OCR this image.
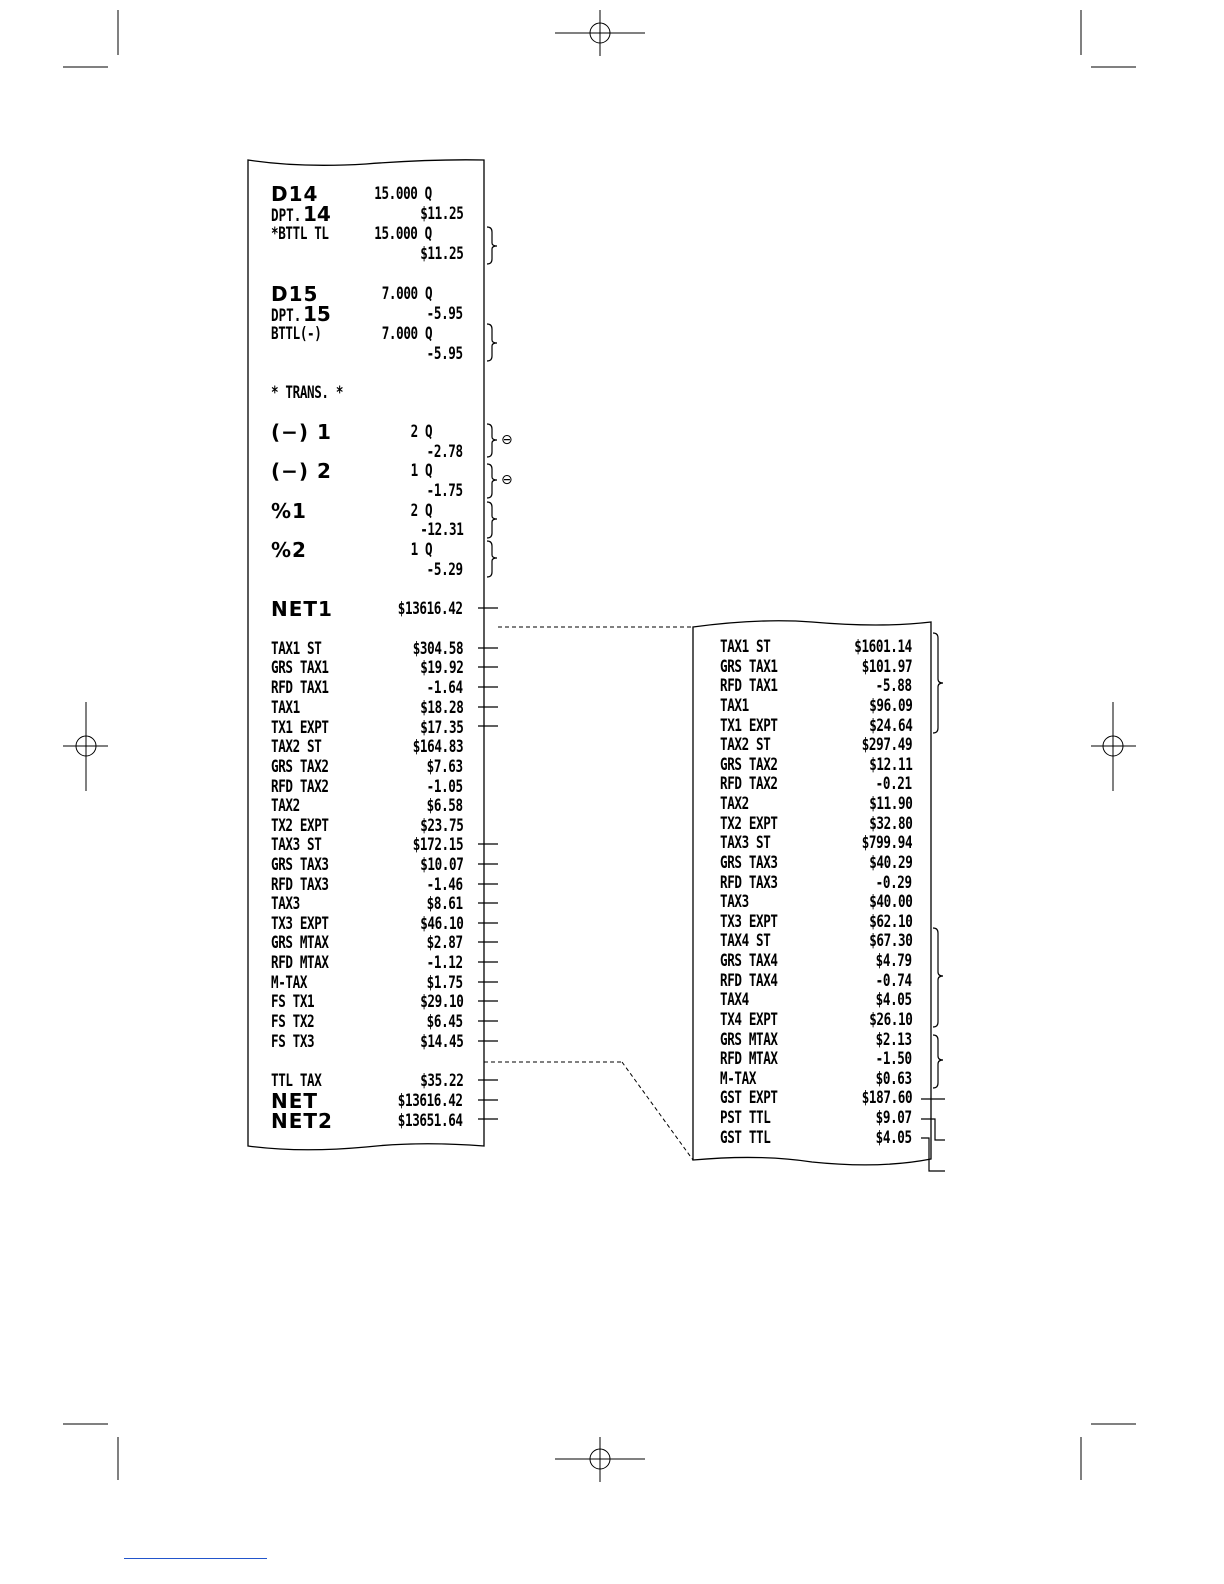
D14	15.000 Q
DPT.14	$11.25
*BTTL TL	15.000 Q
$11.25
D15	7.000 Q
DPT.15	-5.95
BTTL(-)	7.000 Q
-5.95
* TRANS. *
(−) 1	2 Q
-2.78
(−) 2	1 Q
-1.75
%1	2 Q
-12.31
%2	1 Q
-5.29
NET1	$13616.42
TAX1 ST	$304.58
GRS TAX1	$19.92
RFD TAX1	-1.64
TAX1	$18.28
TX1 EXPT	$17.35
TAX2 ST	$164.83
GRS TAX2	$7.63
RFD TAX2	-1.05
TAX2	$6.58
TX2 EXPT	$23.75
TAX3 ST	$172.15
GRS TAX3	$10.07
RFD TAX3	-1.46
TAX3	$8.61
TX3 EXPT	$46.10
GRS MTAX	$2.87
RFD MTAX	-1.12
M-TAX	$1.75
FS TX1	$29.10
FS TX2	$6.45
FS TX3	$14.45
TTL TAX	$35.22
NET	$13616.42
NET2	$13651.64
TAX1 ST	$1601.14
GRS TAX1	$101.97
RFD TAX1	-5.88
TAX1	$96.09
TX1 EXPT	$24.64
TAX2 ST	$297.49
GRS TAX2	$12.11
RFD TAX2	-0.21
TAX2	$11.90
TX2 EXPT	$32.80
TAX3 ST	$799.94
GRS TAX3	$40.29
RFD TAX3	-0.29
TAX3	$40.00
TX3 EXPT	$62.10
TAX4 ST	$67.30
GRS TAX4	$4.79
RFD TAX4	-0.74
TAX4	$4.05
TX4 EXPT	$26.10
GRS MTAX	$2.13
RFD MTAX	-1.50
M-TAX	$0.63
GST EXPT	$187.60
PST TTL	$9.07
GST TTL	$4.05
⊖
⊖
